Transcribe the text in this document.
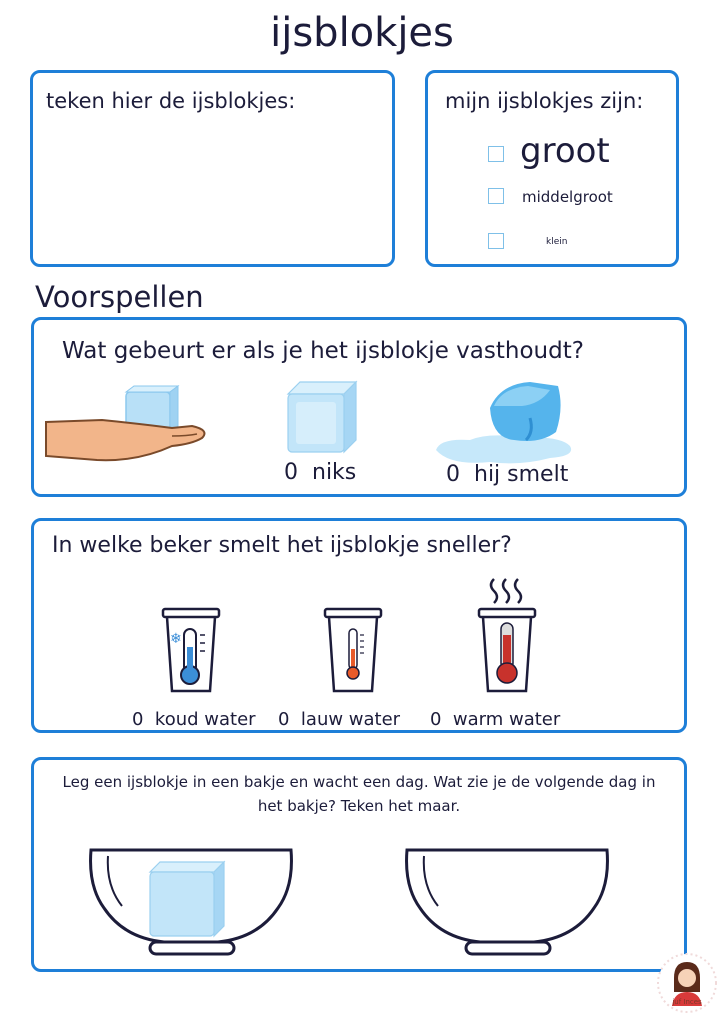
ijsblokjes
teken hier de ijsblokjes:	mijn ijsblokjes zijn:
groot
middelgroot
klein
Voorspellen
Wat gebeurt er als je het ijsblokje vasthoudt?
0 niks	0 hij smelt
In welke beker smelt het ijsblokje sneller?
❄
0 koud water 0 lauw water 0 warm water
Leg een ijsblokje in een bakje en wacht een dag. Wat zie je de volgende dag in
het bakje? Teken het maar.
juf Inces
